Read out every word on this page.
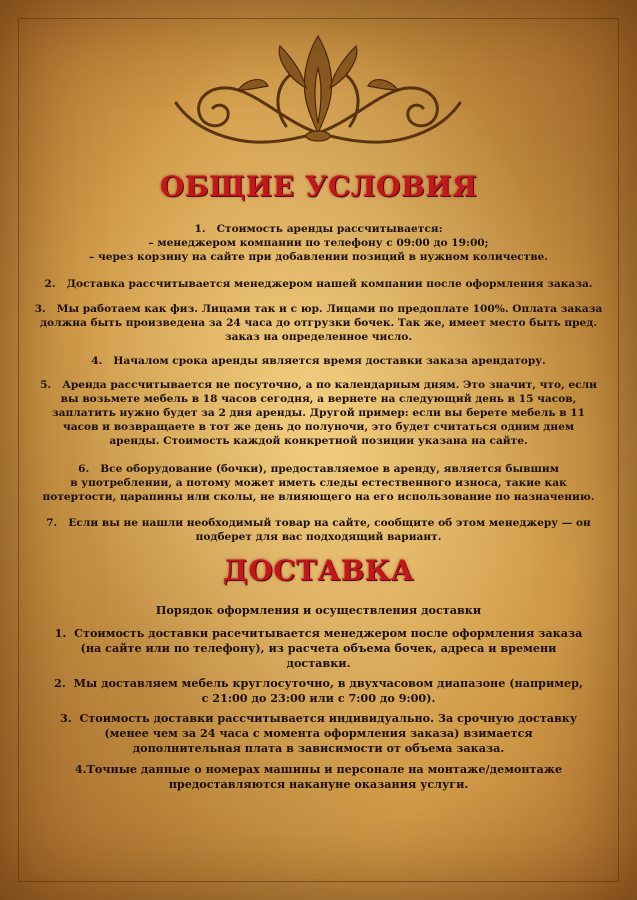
ОБЩИЕ УСЛОВИЯ

1. Стоимость аренды рассчитывается:

– менеджером компании по телефону с 09:00 до 19:00;

– через корзину на сайте при добавлении позиций в нужном количестве.

2. Доставка рассчитывается менеджером нашей компании после оформления заказа.

3. Мы работаем как физ. Лицами так и с юр. Лицами по предоплате 100%. Оплата заказа

должна быть произведена за 24 часа до отгрузки бочек. Так же, имеет место быть пред.

заказ на определенное число.

4. Началом срока аренды является время доставки заказа арендатору.

5. Аренда рассчитывается не посуточно, а по календарным дням. Это значит, что, если

вы возьмете мебель в 18 часов сегодня, а вернете на следующий день в 15 часов,

заплатить нужно будет за 2 дня аренды. Другой пример: если вы берете мебель в 11

часов и возвращаете в тот же день до полуночи, это будет считаться одним днем

аренды. Стоимость каждой конкретной позиции указана на сайте.

6. Все оборудование (бочки), предоставляемое в аренду, является бывшим

в употреблении, а потому может иметь следы естественного износа, такие как

потертости, царапины или сколы, не влияющего на его использование по назначению.

7. Если вы не нашли необходимый товар на сайте, сообщите об этом менеджеру — он

подберет для вас подходящий вариант.

ДОСТАВКА
Порядок оформления и осуществления доставки

1. Стоимость доставки расечитывается менеджером после оформления заказа

(на сайте или по телефону), из расчета объема бочек, адреса и времени

доставки.

2. Мы доставляем мебель круглосуточно, в двухчасовом диапазоне (например,

с 21:00 до 23:00 или с 7:00 до 9:00).

3. Стоимость доставки рассчитывается индивидуально. За срочную доставку

(менее чем за 24 часа с момента оформления заказа) взимается

дополнительная плата в зависимости от объема заказа.

4.Точные данные о номерах машины и персонале на монтаже/демонтаже

предоставляются накануне оказания услуги.
